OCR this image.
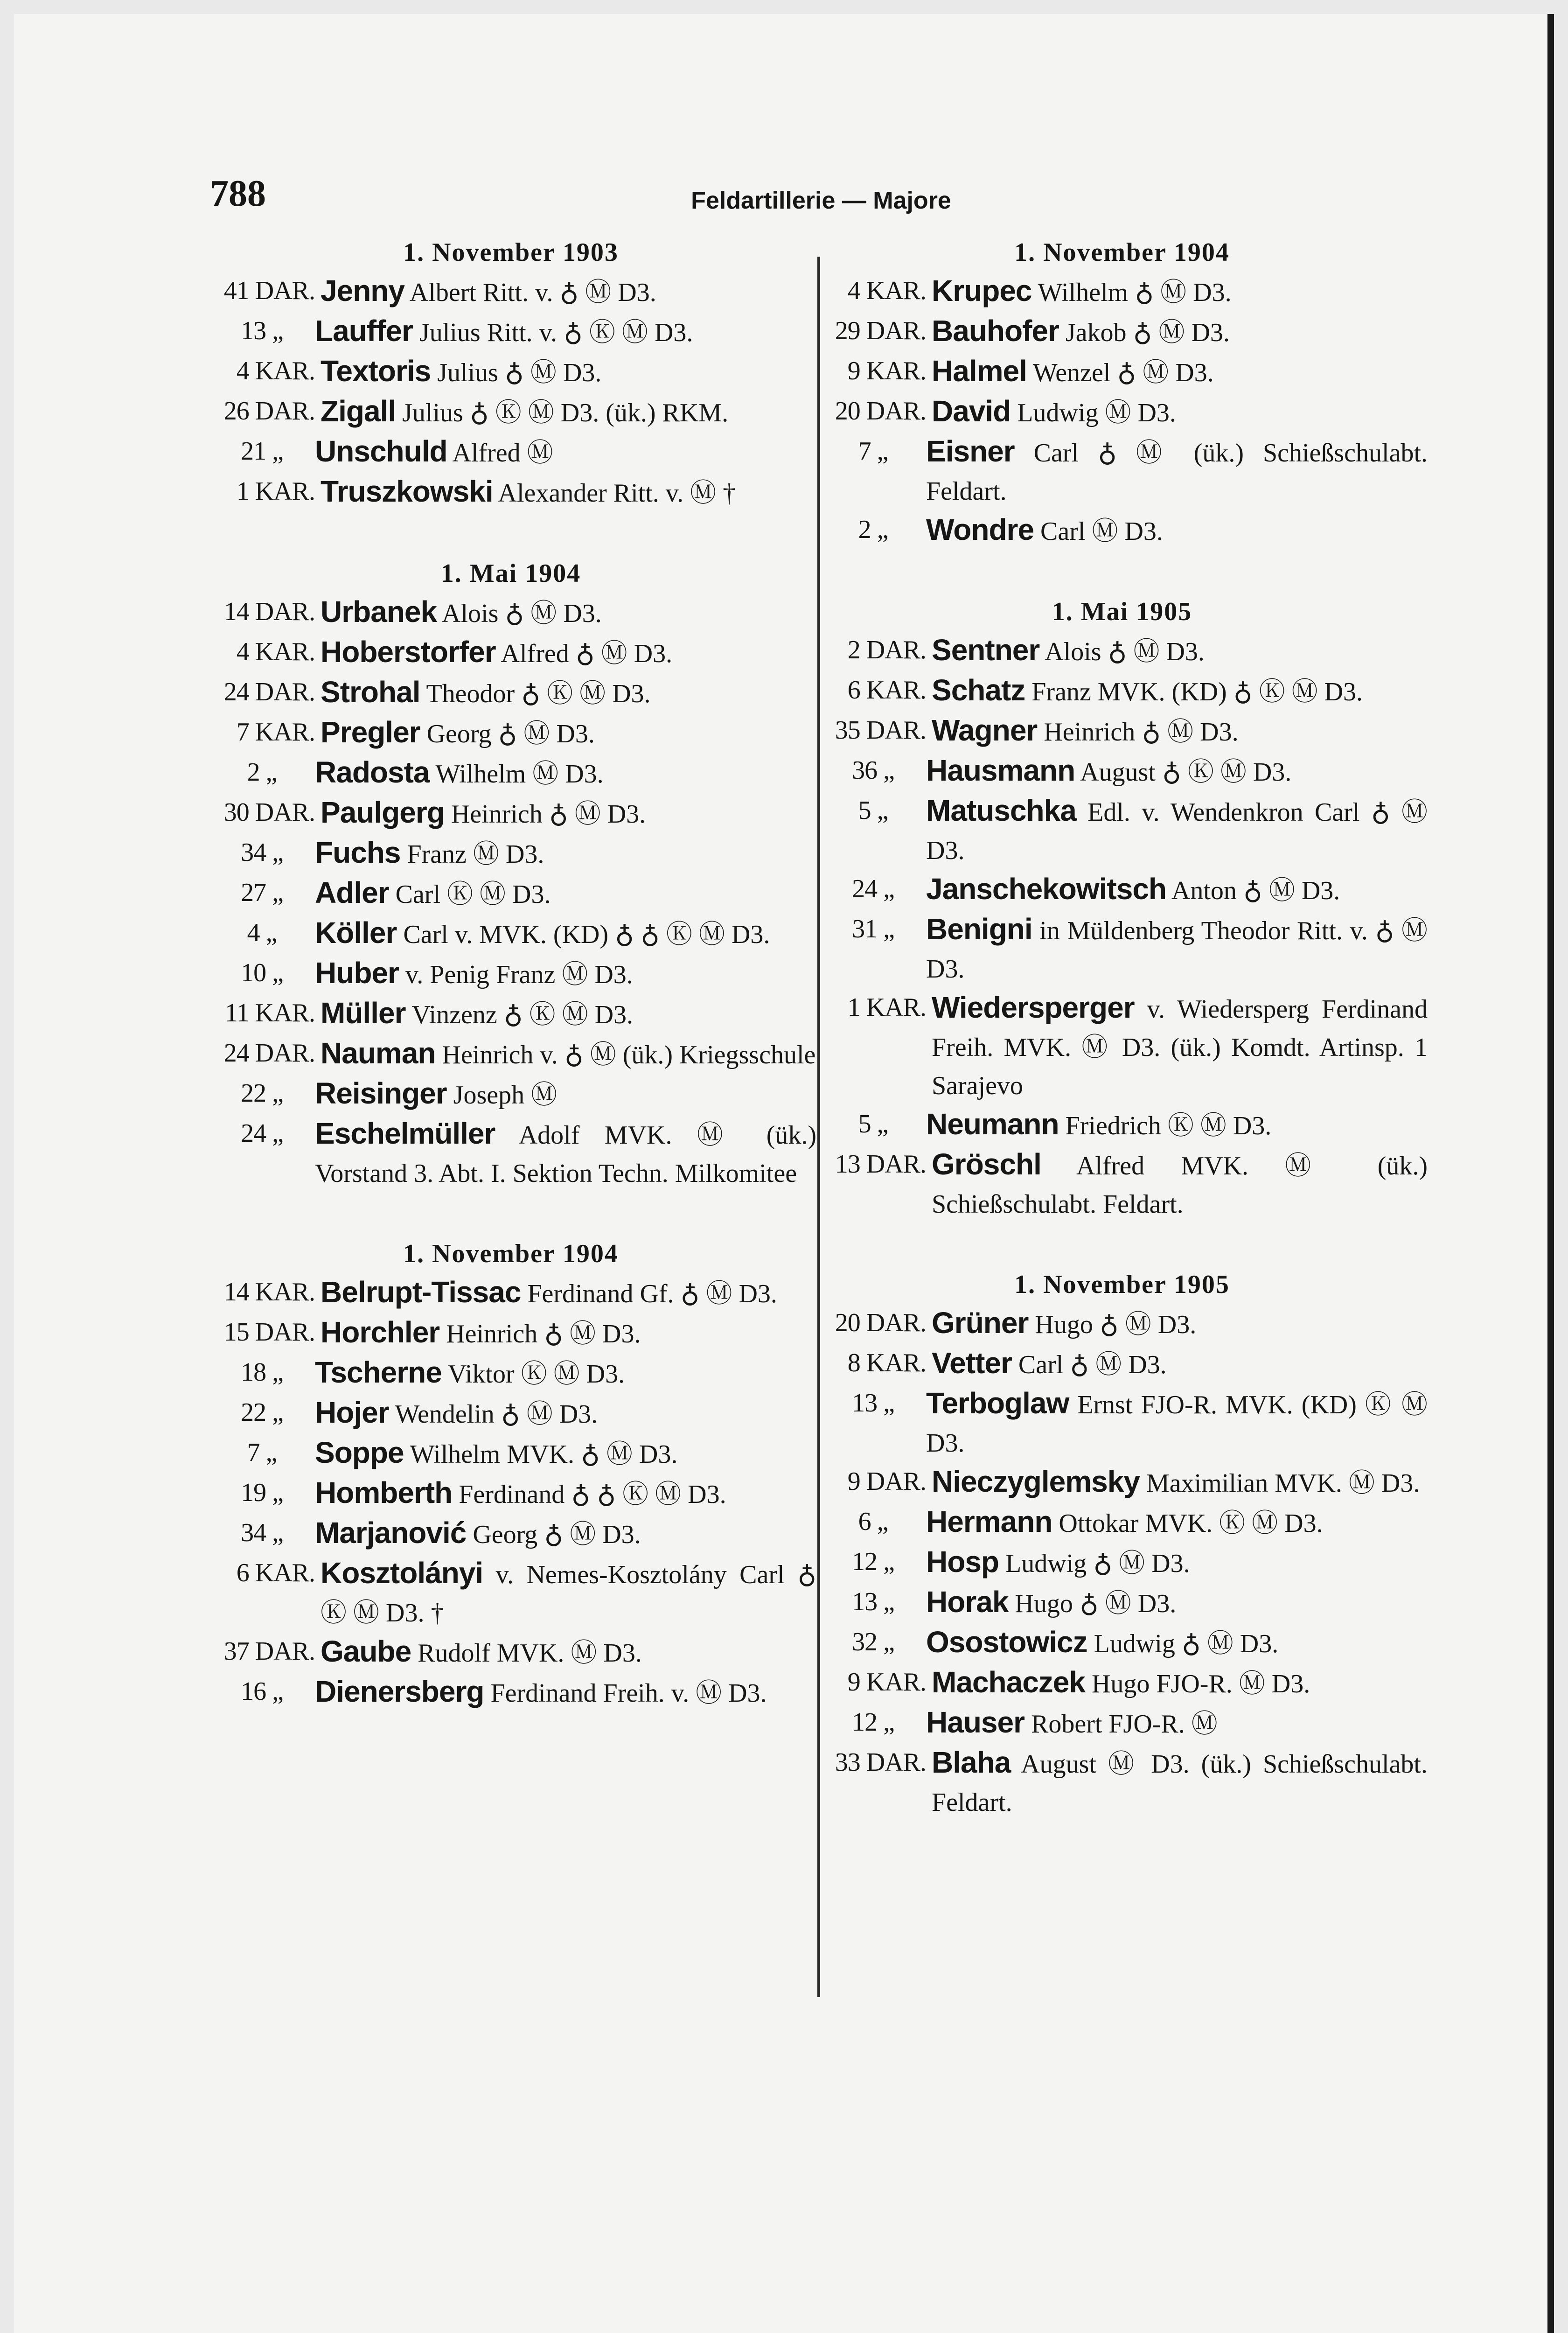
788	Feldartillerie — Majore
1. November 1903
41 DAR. Jenny Albert Ritt. v. ♁ Ⓜ D3.
13 „	Lauffer Julius Ritt. v. ♁ Ⓚ Ⓜ D3.
4 KAR. Textoris Julius ♁ Ⓜ D3.
26 DAR. Zigall Julius ♁ Ⓚ Ⓜ D3. (ük.) RKM.
21 „	Unschuld Alfred Ⓜ
1 KAR. Truszkowski Alexander Ritt. v. Ⓜ †
1. Mai 1904
14 DAR. Urbanek Alois ♁ Ⓜ D3.
4 KAR. Hoberstorfer Alfred ♁ Ⓜ D3.
24 DAR. Strohal Theodor ♁ Ⓚ Ⓜ D3.
7 KAR. Pregler Georg ♁ Ⓜ D3.
2 „	Radosta Wilhelm Ⓜ D3.
30 DAR. Paulgerg Heinrich ♁ Ⓜ D3.
34 „	Fuchs Franz Ⓜ D3.
27 „	Adler Carl Ⓚ Ⓜ D3.
4 „	Köller Carl v. MVK. (KD) ♁ ♁ Ⓚ Ⓜ D3.
10 „	Huber v. Penig Franz Ⓜ D3.
11 KAR. Müller Vinzenz ♁ Ⓚ Ⓜ D3.
24 DAR. Nauman Heinrich v. ♁ Ⓜ (ük.) Kriegsschule
22 „	Reisinger Joseph Ⓜ
24 „	Eschelmüller Adolf MVK. Ⓜ (ük.) Vorstand 3. Abt. I. Sektion Techn. Milkomitee
1. November 1904
14 KAR. Belrupt-Tissac Ferdinand Gf. ♁ Ⓜ D3.
15 DAR. Horchler Heinrich ♁ Ⓜ D3.
18 „	Tscherne Viktor Ⓚ Ⓜ D3.
22 „	Hojer Wendelin ♁ Ⓜ D3.
7 „	Soppe Wilhelm MVK. ♁ Ⓜ D3.
19 „	Homberth Ferdinand ♁ ♁ Ⓚ Ⓜ D3.
34 „	Marjanović Georg ♁ Ⓜ D3.
6 KAR. Kosztolányi v. Nemes-Kosztolány Carl ♁ Ⓚ Ⓜ D3. †
37 DAR. Gaube Rudolf MVK. Ⓜ D3.
16 „	Dienersberg Ferdinand Freih. v. Ⓜ D3.
1. November 1904
4 KAR. Krupec Wilhelm ♁ Ⓜ D3.
29 DAR. Bauhofer Jakob ♁ Ⓜ D3.
9 KAR. Halmel Wenzel ♁ Ⓜ D3.
20 DAR. David Ludwig Ⓜ D3.
7 „	Eisner Carl ♁ Ⓜ (ük.) Schießschulabt. Feldart.
2 „	Wondre Carl Ⓜ D3.
1. Mai 1905
2 DAR. Sentner Alois ♁ Ⓜ D3.
6 KAR. Schatz Franz MVK. (KD) ♁ Ⓚ Ⓜ D3.
35 DAR. Wagner Heinrich ♁ Ⓜ D3.
36 „	Hausmann August ♁ Ⓚ Ⓜ D3.
5 „	Matuschka Edl. v. Wendenkron Carl ♁ Ⓜ D3.
24 „	Janschekowitsch Anton ♁ Ⓜ D3.
31 „	Benigni in Müldenberg Theodor Ritt. v. ♁ Ⓜ D3.
1 KAR. Wiedersperger v. Wiedersperg Ferdinand Freih. MVK. Ⓜ D3. (ük.) Komdt. Artinsp. 1 Sarajevo
5 „	Neumann Friedrich Ⓚ Ⓜ D3.
13 DAR. Gröschl Alfred MVK. Ⓜ (ük.) Schießschulabt. Feldart.
1. November 1905
20 DAR. Grüner Hugo ♁ Ⓜ D3.
8 KAR. Vetter Carl ♁ Ⓜ D3.
13 „	Terboglaw Ernst FJO-R. MVK. (KD) Ⓚ Ⓜ D3.
9 DAR. Nieczyglemsky Maximilian MVK. Ⓜ D3.
6 „	Hermann Ottokar MVK. Ⓚ Ⓜ D3.
12 „	Hosp Ludwig ♁ Ⓜ D3.
13 „	Horak Hugo ♁ Ⓜ D3.
32 „	Osostowicz Ludwig ♁ Ⓜ D3.
9 KAR. Machaczek Hugo FJO-R. Ⓜ D3.
12 „	Hauser Robert FJO-R. Ⓜ
33 DAR. Blaha August Ⓜ D3. (ük.) Schießschulabt. Feldart.
